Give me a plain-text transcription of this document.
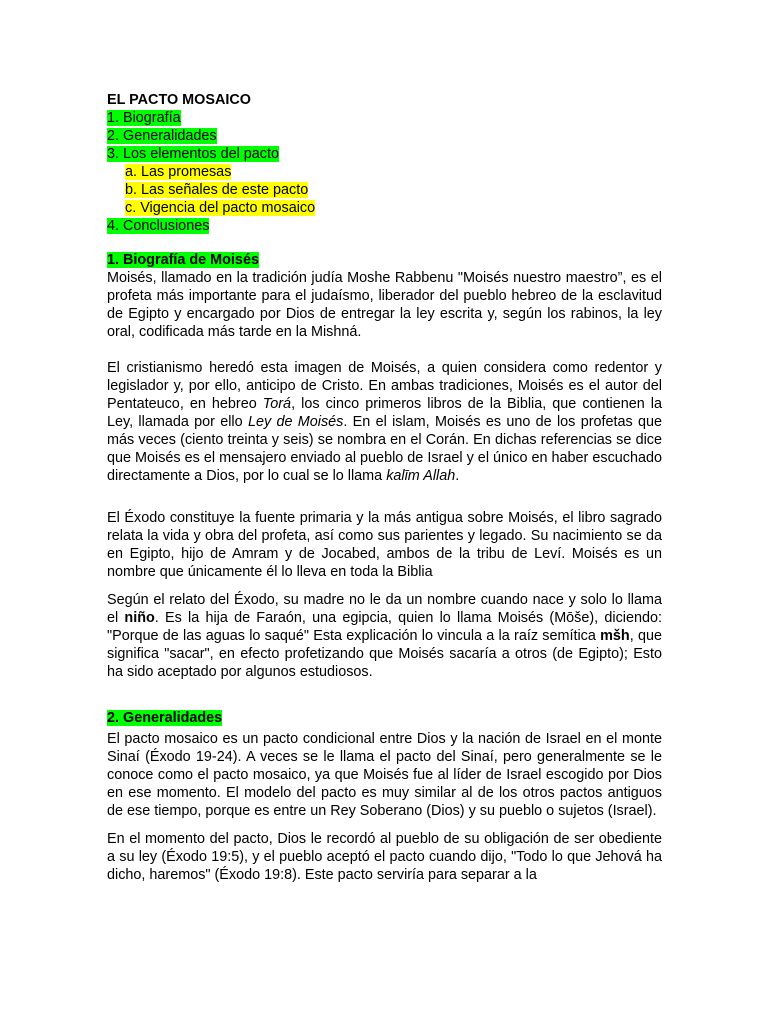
EL PACTO MOSAICO

1. Biografía
2. Generalidades
3. Los elementos del pacto
a. Las promesas
b. Las señales de este pacto
c. Vigencia del pacto mosaico
4. Conclusiones
1. Biografía de Moisés

Moisés, llamado en la tradición judía Moshe Rabbenu "Moisés nuestro maestro”, es el profeta más importante para el judaísmo, liberador del pueblo hebreo de la esclavitud de Egipto y encargado por Dios de entregar la ley escrita y, según los rabinos, la ley oral, codificada más tarde en la Mishná.

El cristianismo heredó esta imagen de Moisés, a quien considera como redentor y legislador y, por ello, anticipo de Cristo. En ambas tradiciones, Moisés es el autor del Pentateuco, en hebreo Torá, los cinco primeros libros de la Biblia, que contienen la Ley, llamada por ello Ley de Moisés. En el islam, Moisés es uno de los profetas que más veces (ciento treinta y seis) se nombra en el Corán. En dichas referencias se dice que Moisés es el mensajero enviado al pueblo de Israel y el único en haber escuchado directamente a Dios, por lo cual se lo llama kalīm Allah.

El Éxodo constituye la fuente primaria y la más antigua sobre Moisés, el libro sagrado relata la vida y obra del profeta, así como sus parientes y legado. Su nacimiento se da en Egipto, hijo de Amram y de Jocabed, ambos de la tribu de Leví. Moisés es un nombre que únicamente él lo lleva en toda la Biblia

Según el relato del Éxodo, su madre no le da un nombre cuando nace y solo lo llama el niño. Es la hija de Faraón, una egipcia, quien lo llama Moisés (Mōše), diciendo: "Porque de las aguas lo saqué" Esta explicación lo vincula a la raíz semítica mšh, que significa "sacar", en efecto profetizando que Moisés sacaría a otros (de Egipto); Esto ha sido aceptado por algunos estudiosos.

2. Generalidades

El pacto mosaico es un pacto condicional entre Dios y la nación de Israel en el monte Sinaí (Éxodo 19-24). A veces se le llama el pacto del Sinaí, pero generalmente se le conoce como el pacto mosaico, ya que Moisés fue al líder de Israel escogido por Dios en ese momento. El modelo del pacto es muy similar al de los otros pactos antiguos de ese tiempo, porque es entre un Rey Soberano (Dios) y su pueblo o sujetos (Israel).

En el momento del pacto, Dios le recordó al pueblo de su obligación de ser obediente a su ley (Éxodo 19:5), y el pueblo aceptó el pacto cuando dijo, "Todo lo que Jehová ha dicho, haremos" (Éxodo 19:8). Este pacto serviría para separar a la
